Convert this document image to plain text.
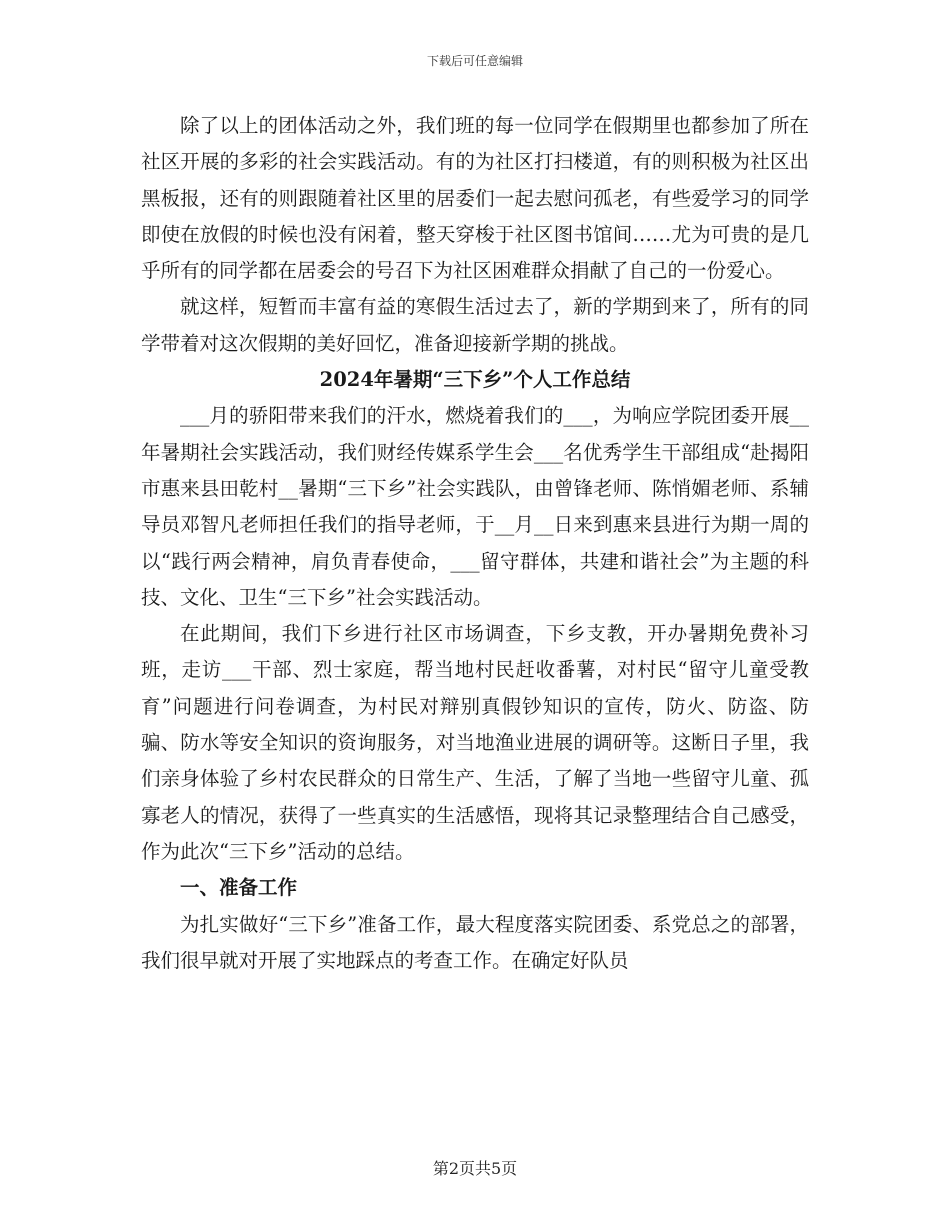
下载后可任意编辑

除了以上的团体活动之外，我们班的每一位同学在假期里也都参加了所在社区开展的多彩的社会实践活动。有的为社区打扫楼道，有的则积极为社区出黑板报，还有的则跟随着社区里的居委们一起去慰问孤老，有些爱学习的同学即使在放假的时候也没有闲着，整天穿梭于社区图书馆间……尤为可贵的是几乎所有的同学都在居委会的号召下为社区困难群众捐献了自己的一份爱心。

就这样，短暂而丰富有益的寒假生活过去了，新的学期到来了，所有的同学带着对这次假期的美好回忆，准备迎接新学期的挑战。

2024年暑期“三下乡”个人工作总结

___月的骄阳带来我们的汗水，燃烧着我们的___，为响应学院团委开展__年暑期社会实践活动，我们财经传媒系学生会___名优秀学生干部组成“赴揭阳市惠来县田乾村__暑期“三下乡”社会实践队，由曾锋老师、陈悄媚老师、系辅导员邓智凡老师担任我们的指导老师，于__月__日来到惠来县进行为期一周的以“践行两会精神，肩负青春使命，___留守群体，共建和谐社会”为主题的科技、文化、卫生“三下乡”社会实践活动。

在此期间，我们下乡进行社区市场调查，下乡支教，开办暑期免费补习班，走访___干部、烈士家庭，帮当地村民赶收番薯，对村民“留守儿童受教育”问题进行问卷调查，为村民对辩别真假钞知识的宣传，防火、防盗、防骗、防水等安全知识的资询服务，对当地渔业进展的调研等。这断日子里，我们亲身体验了乡村农民群众的日常生产、生活，了解了当地一些留守儿童、孤寡老人的情况，获得了一些真实的生活感悟，现将其记录整理结合自己感受，作为此次“三下乡”活动的总结。

一、准备工作

为扎实做好“三下乡”准备工作，最大程度落实院团委、系党总之的部署，我们很早就对开展了实地踩点的考查工作。在确定好队员

第2页共5页
